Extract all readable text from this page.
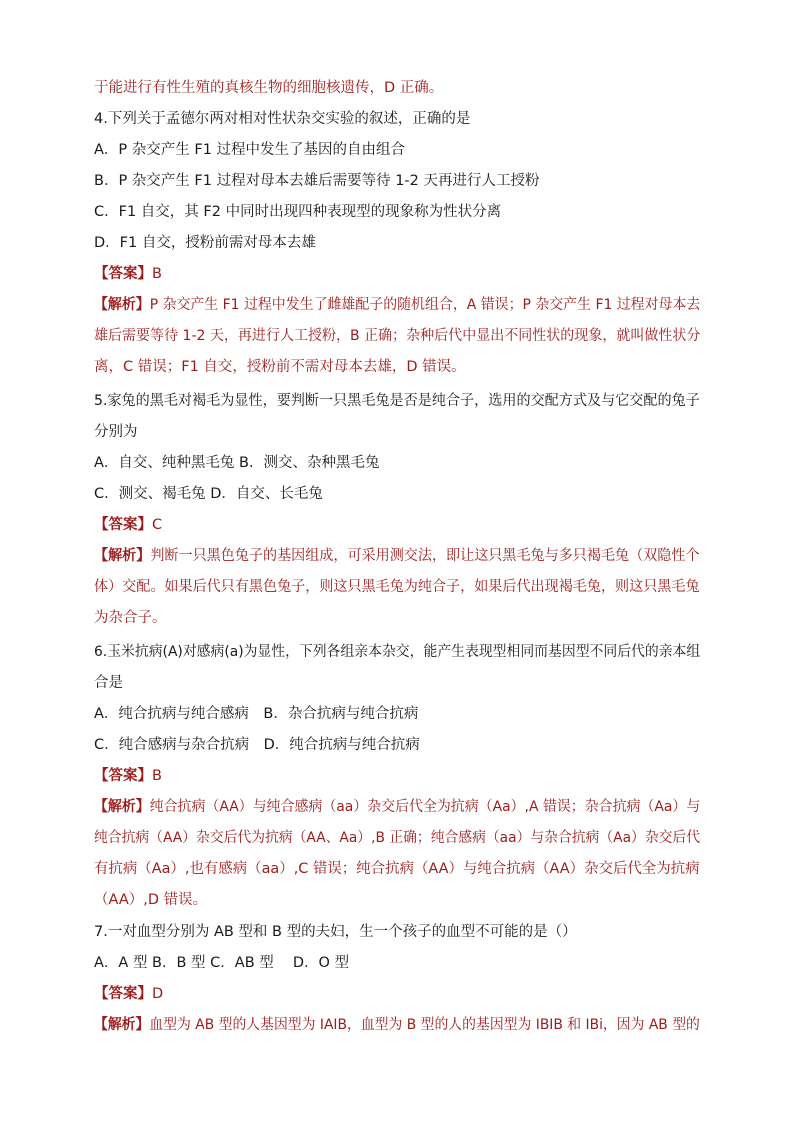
于能进行有性生殖的真核生物的细胞核遗传，D 正确。
4.下列关于孟德尔两对相对性状杂交实验的叙述，正确的是
A．P 杂交产生 F1 过程中发生了基因的自由组合
B．P 杂交产生 F1 过程对母本去雄后需要等待 1-2 天再进行人工授粉
C．F1 自交，其 F2 中同时出现四种表现型的现象称为性状分离
D．F1 自交，授粉前需对母本去雄
【答案】B
【解析】P 杂交产生 F1 过程中发生了雌雄配子的随机组合，A 错误；P 杂交产生 F1 过程对母本去
雄后需要等待 1-2 天，再进行人工授粉，B 正确；杂种后代中显出不同性状的现象，就叫做性状分
离，C 错误；F1 自交，授粉前不需对母本去雄，D 错误。
5.家兔的黑毛对褐毛为显性，要判断一只黑毛兔是否是纯合子，选用的交配方式及与它交配的兔子
分别为
A．自交、纯种黑毛兔 B．测交、杂种黑毛兔
C．测交、褐毛兔 D．自交、长毛兔
【答案】C
【解析】判断一只黑色兔子的基因组成，可采用测交法，即让这只黑毛兔与多只褐毛兔（双隐性个
体）交配。如果后代只有黑色兔子，则这只黑毛兔为纯合子，如果后代出现褐毛兔，则这只黑毛兔
为杂合子。
6.玉米抗病(A)对感病(a)为显性，下列各组亲本杂交，能产生表现型相同而基因型不同后代的亲本组
合是
A．纯合抗病与纯合感病　B．杂合抗病与纯合抗病
C．纯合感病与杂合抗病　D．纯合抗病与纯合抗病
【答案】B
【解析】纯合抗病（AA）与纯合感病（aa）杂交后代全为抗病（Aa）,A 错误；杂合抗病（Aa）与
纯合抗病（AA）杂交后代为抗病（AA、Aa）,B 正确；纯合感病（aa）与杂合抗病（Aa）杂交后代
有抗病（Aa）,也有感病（aa）,C 错误；纯合抗病（AA）与纯合抗病（AA）杂交后代全为抗病
（AA）,D 错误。
7.一对血型分别为 AB 型和 B 型的夫妇，生一个孩子的血型不可能的是（）
A．A 型 B．B 型 C．AB 型　 D．O 型
【答案】D
【解析】血型为 AB 型的人基因型为 IAIB，血型为 B 型的人的基因型为 IBIB 和 IBi，因为 AB 型的
